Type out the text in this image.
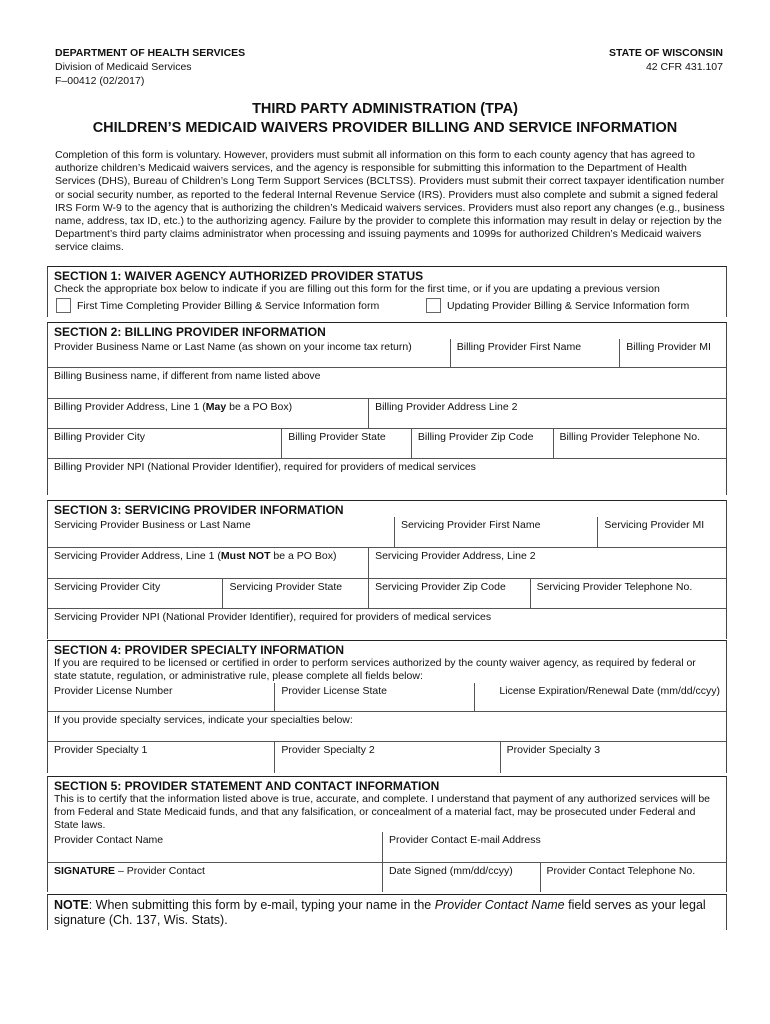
DEPARTMENT OF HEALTH SERVICES
Division of Medicaid Services
F–00412 (02/2017)
STATE OF WISCONSIN
42 CFR 431.107
THIRD PARTY ADMINISTRATION (TPA)
CHILDREN’S MEDICAID WAIVERS PROVIDER BILLING AND SERVICE INFORMATION
Completion of this form is voluntary. However, providers must submit all information on this form to each county agency that has agreed to authorize children’s Medicaid waivers services, and the agency is responsible for submitting this information to the Department of Health Services (DHS), Bureau of Children’s Long Term Support Services (BCLTSS). Providers must submit their correct taxpayer identification number or social security number, as reported to the federal Internal Revenue Service (IRS). Providers must also complete and submit a signed federal IRS Form W-9 to the agency that is authorizing the children’s Medicaid waivers services. Providers must also report any changes (e.g., business name, address, tax ID, etc.) to the authorizing agency. Failure by the provider to complete this information may result in delay or rejection by the Department’s third party claims administrator when processing and issuing payments and 1099s for authorized Children’s Medicaid waivers service claims.
SECTION 1: WAIVER AGENCY AUTHORIZED PROVIDER STATUS
Check the appropriate box below to indicate if you are filling out this form for the first time, or if you are updating a previous version
First Time Completing Provider Billing & Service Information form	Updating Provider Billing & Service Information form
SECTION 2: BILLING PROVIDER INFORMATION
Provider Business Name or Last Name (as shown on your income tax return)	Billing Provider First Name	Billing Provider MI
Billing Business name, if different from name listed above
Billing Provider Address, Line 1 (May be a PO Box)	Billing Provider Address Line 2
Billing Provider City	Billing Provider State	Billing Provider Zip Code	Billing Provider Telephone No.
Billing Provider NPI (National Provider Identifier), required for providers of medical services
SECTION 3: SERVICING PROVIDER INFORMATION
Servicing Provider Business or Last Name	Servicing Provider First Name	Servicing Provider MI
Servicing Provider Address, Line 1 (Must NOT be a PO Box)	Servicing Provider Address, Line 2
Servicing Provider City	Servicing Provider State	Servicing Provider Zip Code	Servicing Provider Telephone No.
Servicing Provider NPI (National Provider Identifier), required for providers of medical services
SECTION 4: PROVIDER SPECIALTY INFORMATION
If you are required to be licensed or certified in order to perform services authorized by the county waiver agency, as required by federal or state statute, regulation, or administrative rule, please complete all fields below:
Provider License Number	Provider License State	License Expiration/Renewal Date (mm/dd/ccyy)
If you provide specialty services, indicate your specialties below:
Provider Specialty 1	Provider Specialty 2	Provider Specialty 3
SECTION 5: PROVIDER STATEMENT AND CONTACT INFORMATION
This is to certify that the information listed above is true, accurate, and complete. I understand that payment of any authorized services will be from Federal and State Medicaid funds, and that any falsification, or concealment of a material fact, may be prosecuted under Federal and State laws.
Provider Contact Name	Provider Contact E-mail Address
SIGNATURE – Provider Contact	Date Signed (mm/dd/ccyy)	Provider Contact Telephone No.
NOTE: When submitting this form by e-mail, typing your name in the Provider Contact Name field serves as your legal signature (Ch. 137, Wis. Stats).
